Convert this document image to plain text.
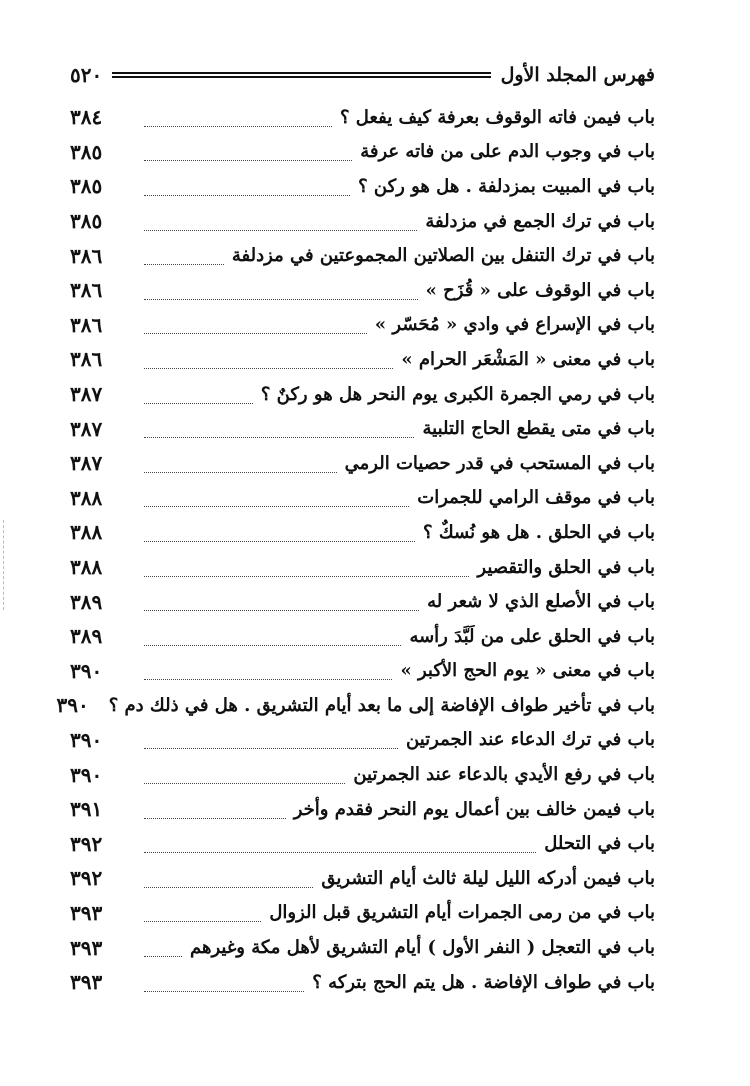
فهرس المجلد الأول
٥٢٠
باب فيمن فاته الوقوف بعرفة كيف يفعل ؟
٣٨٤
باب في وجوب الدم على من فاته عرفة
٣٨٥
باب في المبيت بمزدلفة . هل هو ركن ؟
٣٨٥
باب في ترك الجمع في مزدلفة
٣٨٥
باب في ترك التنفل بين الصلاتين المجموعتين في مزدلفة
٣٨٦
باب في الوقوف على « قُزَح »
٣٨٦
باب في الإسراع في وادي « مُحَسّر »
٣٨٦
باب في معنى « المَشْعَر الحرام »
٣٨٦
باب في رمي الجمرة الكبرى يوم النحر هل هو ركنٌ ؟
٣٨٧
باب في متى يقطع الحاج التلبية
٣٨٧
باب في المستحب في قدر حصيات الرمي
٣٨٧
باب في موقف الرامي للجمرات
٣٨٨
باب في الحلق . هل هو نُسكٌ ؟
٣٨٨
باب في الحلق والتقصير
٣٨٨
باب في الأصلع الذي لا شعر له
٣٨٩
باب في الحلق على من لَبَّدَ رأسه
٣٨٩
باب في معنى « يوم الحج الأكبر »
٣٩٠
باب في تأخير طواف الإفاضة إلى ما بعد أيام التشريق . هل في ذلك دم ؟
٣٩٠
باب في ترك الدعاء عند الجمرتين
٣٩٠
باب في رفع الأيدي بالدعاء عند الجمرتين
٣٩٠
باب فيمن خالف بين أعمال يوم النحر فقدم وأخر
٣٩١
باب في التحلل
٣٩٢
باب فيمن أدركه الليل ليلة ثالث أيام التشريق
٣٩٢
باب في من رمى الجمرات أيام التشريق قبل الزوال
٣٩٣
باب في التعجل ( النفر الأول ) أيام التشريق لأهل مكة وغيرهم
٣٩٣
باب في طواف الإفاضة . هل يتم الحج بتركه ؟
٣٩٣
